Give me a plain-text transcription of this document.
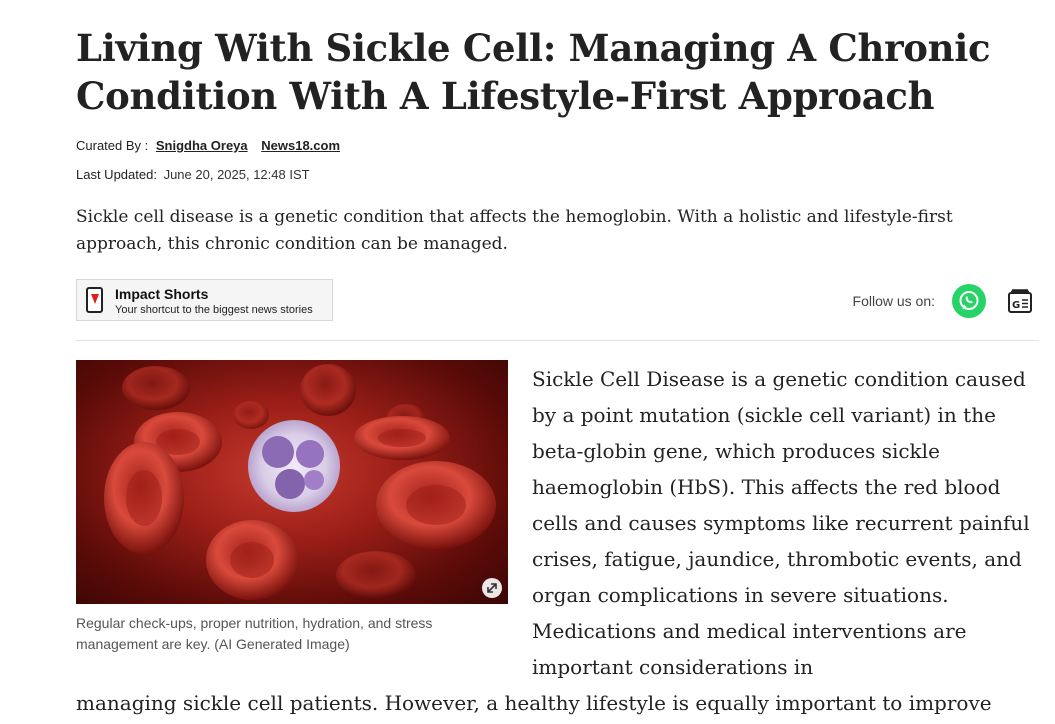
Living With Sickle Cell: Managing A Chronic Condition With A Lifestyle-First Approach
Curated By : Snigdha Oreya News18.com
Last Updated: June 20, 2025, 12:48 IST

Sickle cell disease is a genetic condition that affects the hemoglobin. With a holistic and lifestyle-first approach, this chronic condition can be managed.

Impact Shorts
Your shortcut to the biggest news stories
Follow us on:	G
Regular check-ups, proper nutrition, hydration, and stress management are key. (AI Generated Image)

Sickle Cell Disease is a genetic condition caused by a point mutation (sickle cell variant) in the beta-globin gene, which produces sickle haemoglobin (HbS). This affects the red blood cells and causes symptoms like recurrent painful crises, fatigue, jaundice, thrombotic events, and organ complications in severe situations. Medications and medical interventions are important considerations in

managing sickle cell patients. However, a healthy lifestyle is equally important to improve
